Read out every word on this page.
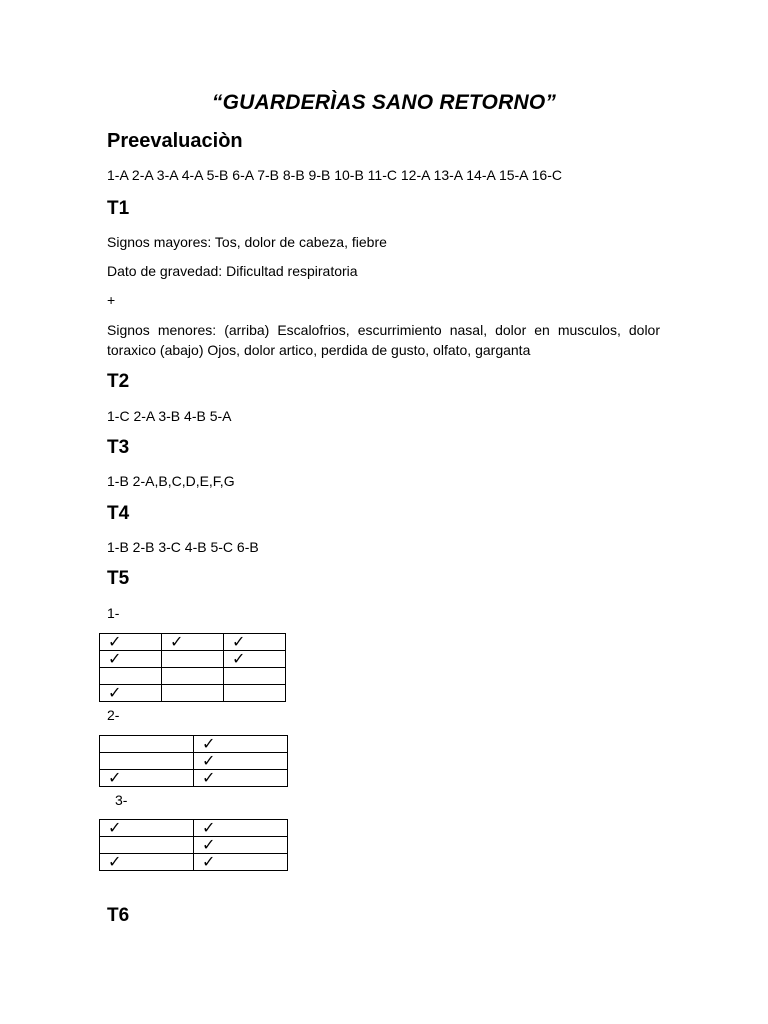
“GUARDERÌAS SANO RETORNO”
Preevaluaciòn
1-A 2-A 3-A 4-A 5-B 6-A 7-B 8-B 9-B 10-B 11-C 12-A 13-A 14-A 15-A 16-C
T1
Signos mayores: Tos, dolor de cabeza, fiebre
Dato de gravedad: Dificultad respiratoria
+
Signos menores: (arriba) Escalofrios, escurrimiento nasal, dolor en musculos, dolor toraxico (abajo) Ojos, dolor artico, perdida de gusto, olfato, garganta
T2
1-C 2-A 3-B 4-B 5-A
T3
1-B 2-A,B,C,D,E,F,G
T4
1-B 2-B 3-C 4-B 5-C 6-B
T5
1-
✓	✓	✓
✓		✓

✓		
2-
	✓
	✓
✓	✓
3-
✓	✓
	✓
✓	✓
T6
